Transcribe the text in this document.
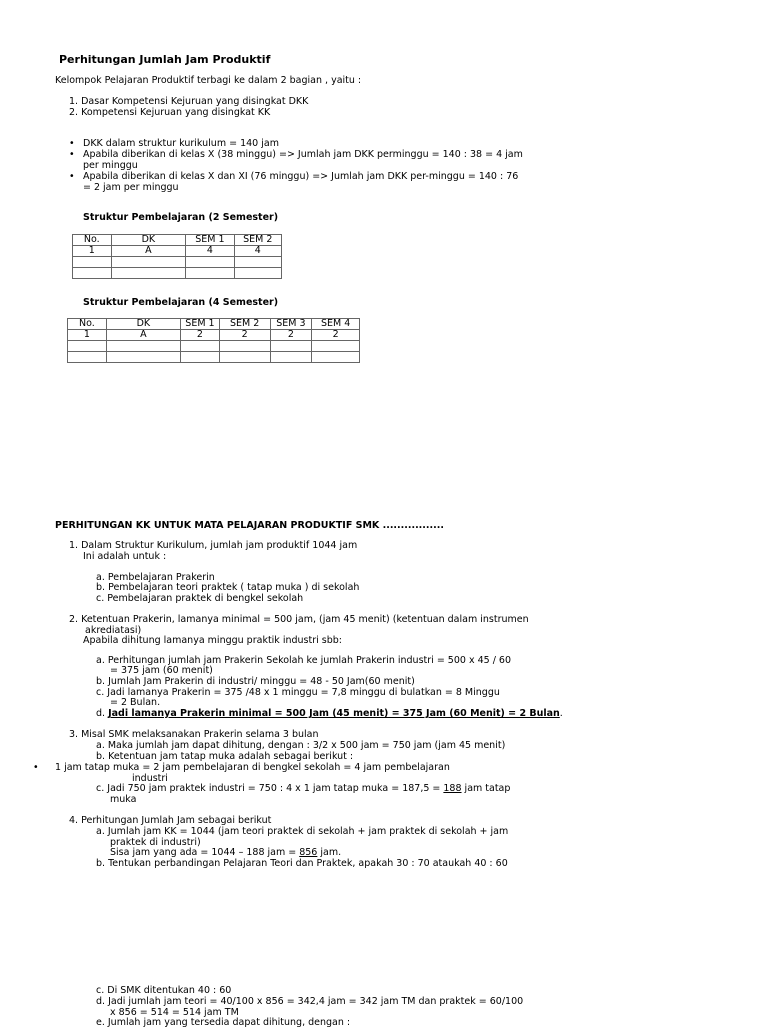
Perhitungan Jumlah Jam Produktif
Kelompok Pelajaran Produktif terbagi ke dalam 2 bagian , yaitu :
1. Dasar Kompetensi Kejuruan yang disingkat DKK
2. Kompetensi Kejuruan yang disingkat KK
• DKK dalam struktur kurikulum = 140 jam
• Apabila diberikan di kelas X (38 minggu) => Jumlah jam DKK perminggu = 140 : 38 = 4 jam
per minggu
• Apabila diberikan di kelas X dan XI (76 minggu) => Jumlah jam DKK per-minggu = 140 : 76
= 2 jam per minggu
Struktur Pembelajaran (2 Semester)
No.	DK	SEM 1	SEM 2
1	A	4	4

Struktur Pembelajaran (4 Semester)
No.	DK	SEM 1	SEM 2	SEM 3	SEM 4
1	A	2	2	2	2

PERHITUNGAN KK UNTUK MATA PELAJARAN PRODUKTIF SMK .................
1. Dalam Struktur Kurikulum, jumlah jam produktif 1044 jam
Ini adalah untuk :
a. Pembelajaran Prakerin
b. Pembelajaran teori praktek ( tatap muka ) di sekolah
c. Pembelajaran praktek di bengkel sekolah
2. Ketentuan Prakerin, lamanya minimal = 500 jam, (jam 45 menit) (ketentuan dalam instrumen
akrediatasi)
Apabila dihitung lamanya minggu praktik industri sbb:
a. Perhitungan jumlah jam Prakerin Sekolah ke jumlah Prakerin industri = 500 x 45 / 60
= 375 jam (60 menit)
b. Jumlah Jam Prakerin di industri/ minggu = 48 - 50 Jam(60 menit)
c. Jadi lamanya Prakerin = 375 /48 x 1 minggu = 7,8 minggu di bulatkan = 8 Minggu
= 2 Bulan.
d. Jadi lamanya Prakerin minimal = 500 Jam (45 menit) = 375 Jam (60 Menit) = 2 Bulan.
3. Misal SMK melaksanakan Prakerin selama 3 bulan
a. Maka jumlah jam dapat dihitung, dengan : 3/2 x 500 jam = 750 jam (jam 45 menit)
b. Ketentuan jam tatap muka adalah sebagai berikut :
• 1 jam tatap muka = 2 jam pembelajaran di bengkel sekolah = 4 jam pembelajaran
industri
c. Jadi 750 jam praktek industri = 750 : 4 x 1 jam tatap muka = 187,5 = 188 jam tatap
muka
4. Perhitungan Jumlah Jam sebagai berikut
a. Jumlah jam KK = 1044 (jam teori praktek di sekolah + jam praktek di sekolah + jam
praktek di industri)
Sisa jam yang ada = 1044 – 188 jam = 856 jam.
b. Tentukan perbandingan Pelajaran Teori dan Praktek, apakah 30 : 70 ataukah 40 : 60
c. Di SMK ditentukan 40 : 60
d. Jadi jumlah jam teori = 40/100 x 856 = 342,4 jam = 342 jam TM dan praktek = 60/100
x 856 = 514 = 514 jam TM
e. Jumlah jam yang tersedia dapat dihitung, dengan :
